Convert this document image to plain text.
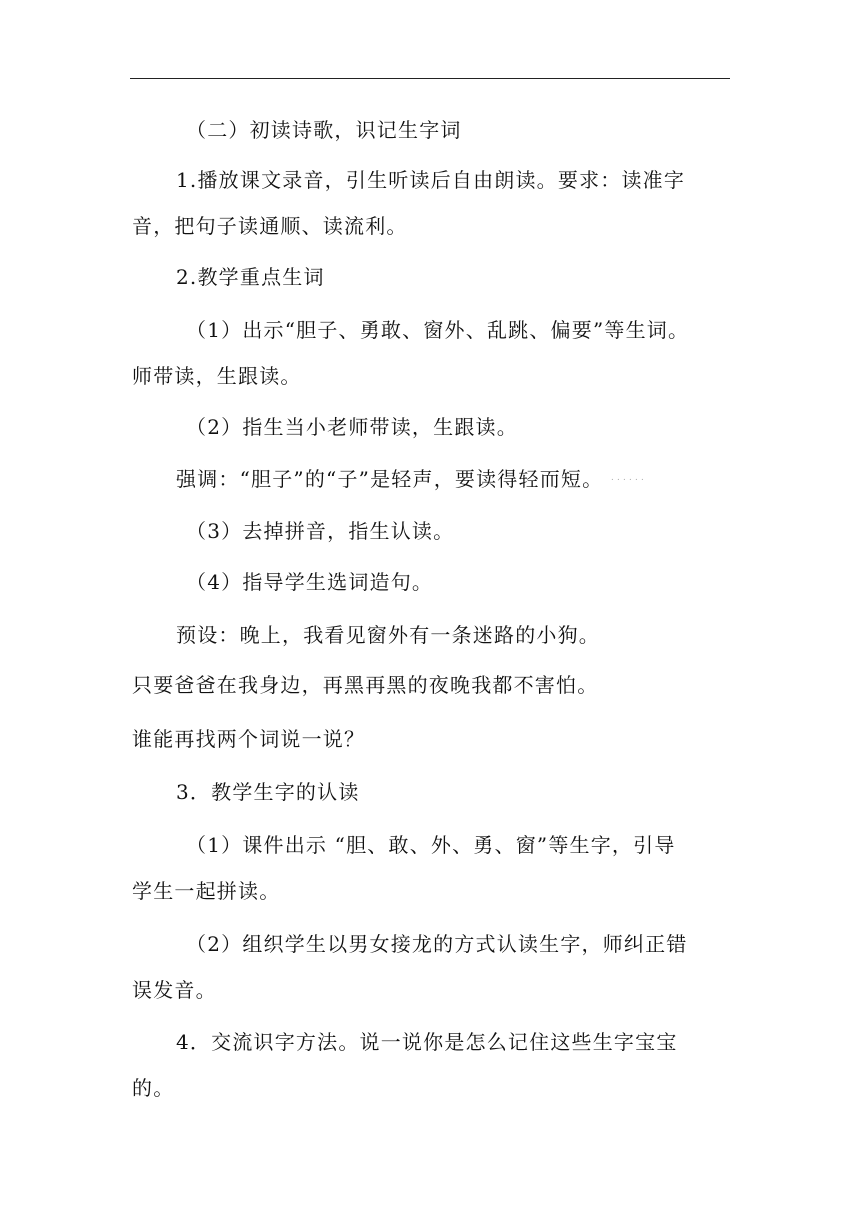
（二）初读诗歌，识记生字词
1.播放课文录音，引生听读后自由朗读。要求：读准字
音，把句子读通顺、读流利。
2.教学重点生词
（1）出示“胆子、勇敢、窗外、乱跳、偏要”等生词。
师带读，生跟读。
（2）指生当小老师带读，生跟读。
强调：“胆子”的“子”是轻声，要读得轻而短。 ・・・・・・
（3）去掉拼音，指生认读。
（4）指导学生选词造句。
预设：晚上，我看见窗外有一条迷路的小狗。
只要爸爸在我身边，再黑再黑的夜晚我都不害怕。
谁能再找两个词说一说？
3．教学生字的认读
（1）课件出示 “胆、敢、外、勇、窗”等生字，引导
学生一起拼读。
（2）组织学生以男女接龙的方式认读生字，师纠正错
误发音。
4．交流识字方法。说一说你是怎么记住这些生字宝宝
的。
